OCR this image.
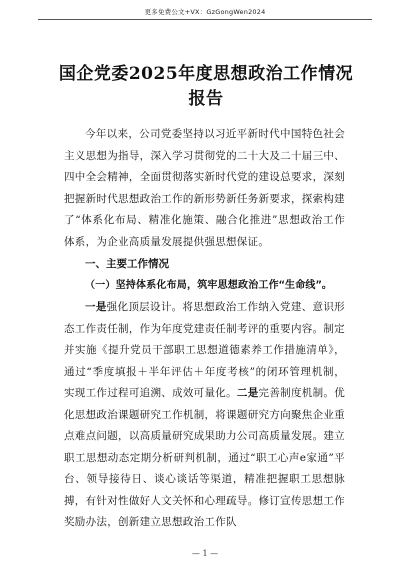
更多免费公文+VX：GzGongWen2024
国企党委2025年度思想政治工作情况报告

今年以来，公司党委坚持以习近平新时代中国特色社会主义思想为指导，深入学习贯彻党的二十大及二十届三中、四中全会精神，全面贯彻落实新时代党的建设总要求，深刻把握新时代思想政治工作的新形势新任务新要求，探索构建了“体系化布局、精准化施策、融合化推进”思想政治工作体系，为企业高质量发展提供强思想保证。

一、主要工作情况

（一）坚持体系化布局，筑牢思想政治工作“生命线”。

一是强化顶层设计。将思想政治工作纳入党建、意识形态工作责任制，作为年度党建责任制考评的重要内容。制定并实施《提升党员干部职工思想道德素养工作措施清单》，通过“季度填报＋半年评估＋年度考核”的闭环管理机制，实现工作过程可追溯、成效可量化。二是完善制度机制。优化思想政治课题研究工作机制，将课题研究方向聚焦企业重点难点问题，以高质量研究成果助力公司高质量发展。建立职工思想动态定期分析研判机制，通过“职工心声e家通”平台、领导接待日、谈心谈话等渠道，精准把握职工思想脉搏，有针对性做好人文关怀和心理疏导。修订宣传思想工作奖励办法，创新建立思想政治工作队

— 1 —
